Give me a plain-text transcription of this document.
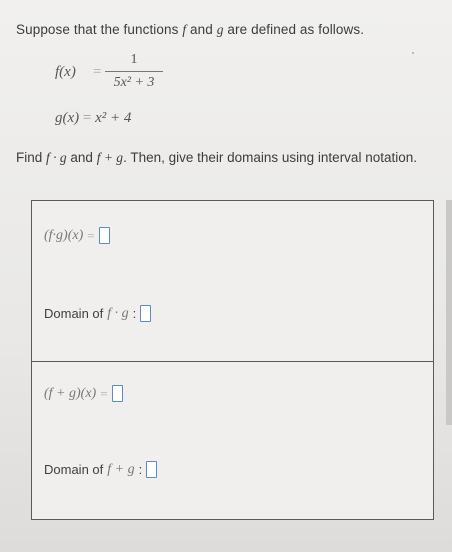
Suppose that the functions f and g are defined as follows.
f(x) =
1
5x² + 3
g(x) = x² + 4
Find f · g and f + g. Then, give their domains using interval notation.
(f·g)(x) =
Domain of f · g :
(f + g)(x) =
Domain of f + g :
